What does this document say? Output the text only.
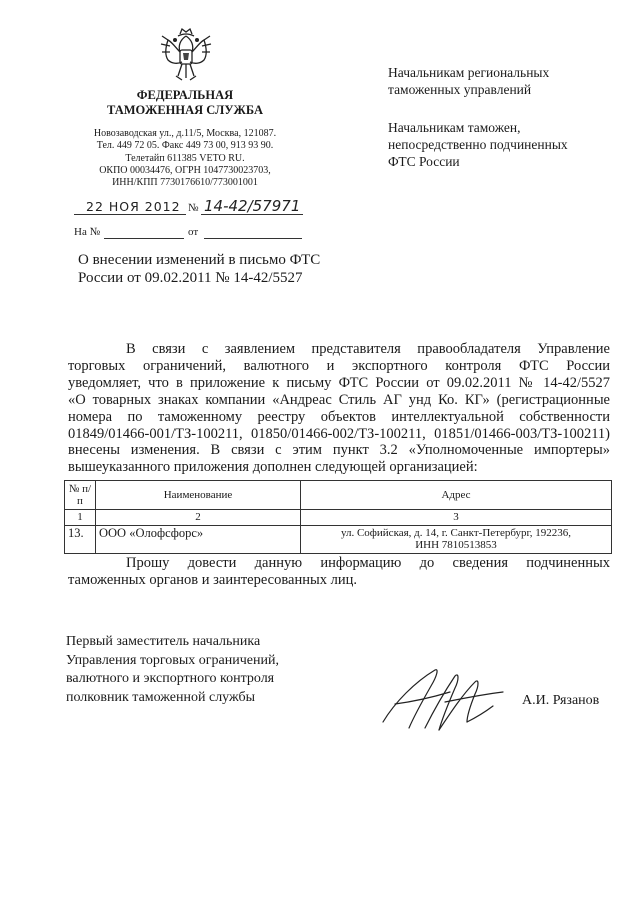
ФЕДЕРАЛЬНАЯ
ТАМОЖЕННАЯ СЛУЖБА
Новозаводская ул., д.11/5, Москва, 121087.
Тел. 449 72 05. Факс 449 73 00, 913 93 90.
Телетайп 611385 VETO RU.
ОКПО 00034476, ОГРН 1047730023703,
ИНН/КПП 7730176610/773001001
22 НОЯ 2012 № 14-42/57971
На №	от
Начальникам региональных
таможенных управлений
Начальникам таможен,
непосредственно подчиненных
ФТС России
О внесении изменений в письмо ФТС
России от 09.02.2011 № 14-42/5527
В связи с заявлением представителя правообладателя Управление
торговых ограничений, валютного и экспортного контроля ФТС России
уведомляет, что в приложение к письму ФТС России от 09.02.2011 № 14-42/5527
«О товарных знаках компании «Андреас Стиль АГ унд Ко. КГ» (регистрационные
номера по таможенному реестру объектов интеллектуальной собственности
01849/01466-001/ТЗ-100211, 01850/01466-002/ТЗ-100211, 01851/01466-003/ТЗ-100211)
внесены изменения. В связи с этим пункт 3.2 «Уполномоченные импортеры»
вышеуказанного приложения дополнен следующей организацией:
№ п/п	Наименование	Адрес
1	2	3
13.	ООО «Олофсфорс»	ул. Софийская, д. 14, г. Санкт-Петербург, 192236,
ИНН 7810513853
Прошу довести данную информацию до сведения подчиненных
таможенных органов и заинтересованных лиц.
Первый заместитель начальника
Управления торговых ограничений,
валютного и экспортного контроля
полковник таможенной службы	А.И. Рязанов
